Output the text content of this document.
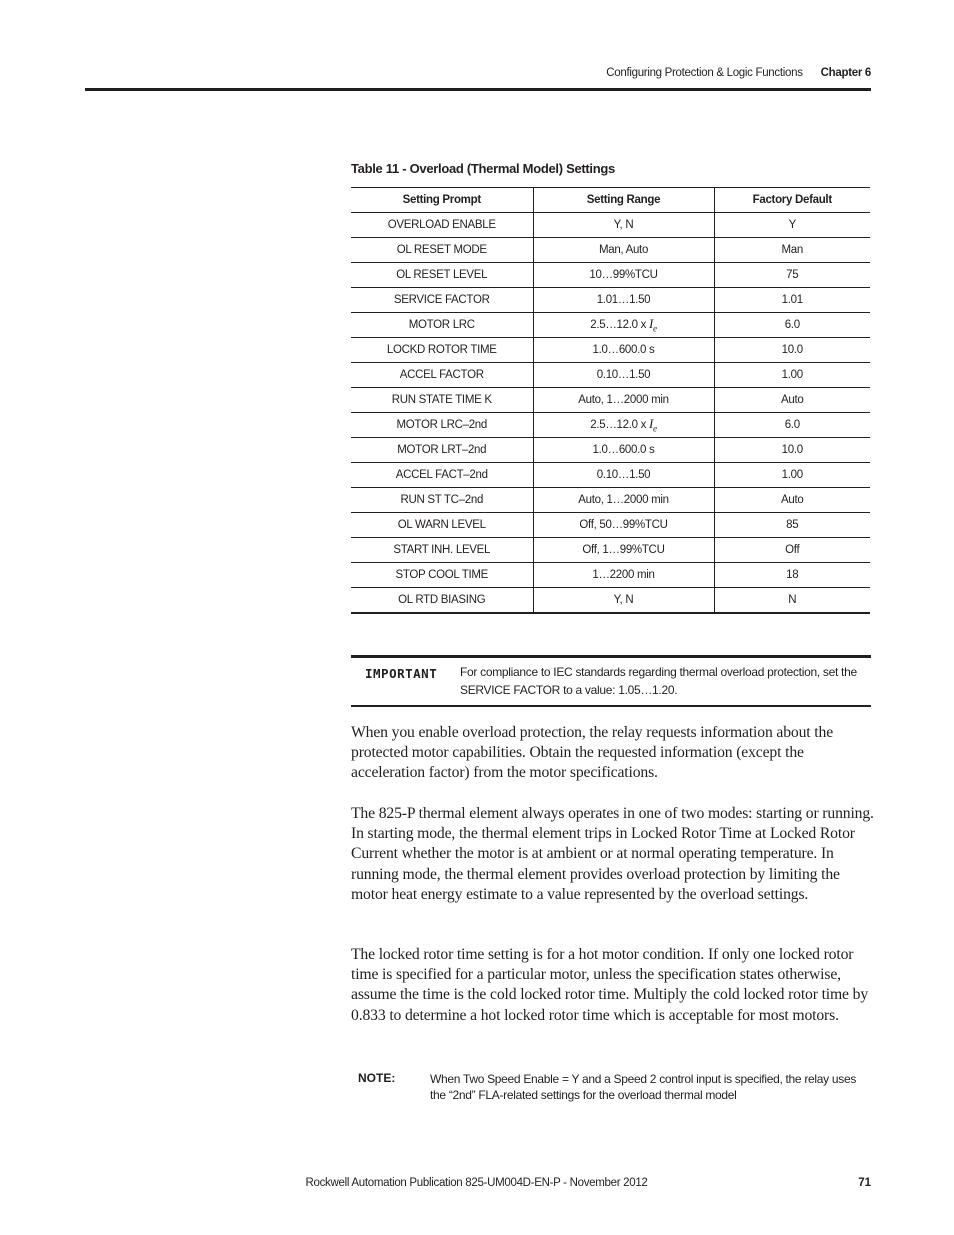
Configuring Protection & Logic Functions Chapter 6
Table 11 - Overload (Thermal Model) Settings
Setting Prompt	Setting Range	Factory Default
OVERLOAD ENABLE	Y, N	Y
OL RESET MODE	Man, Auto	Man
OL RESET LEVEL	10…99%TCU	75
SERVICE FACTOR	1.01…1.50	1.01
MOTOR LRC	2.5…12.0 x $I_e$	6.0
LOCKD ROTOR TIME	1.0…600.0 s	10.0
ACCEL FACTOR	0.10…1.50	1.00
RUN STATE TIME K	Auto, 1…2000 min	Auto
MOTOR LRC–2nd	2.5…12.0 x $I_e$	6.0
MOTOR LRT–2nd	1.0…600.0 s	10.0
ACCEL FACT–2nd	0.10…1.50	1.00
RUN ST TC–2nd	Auto, 1…2000 min	Auto
OL WARN LEVEL	Off, 50…99%TCU	85
START INH. LEVEL	Off, 1…99%TCU	Off
STOP COOL TIME	1…2200 min	18
OL RTD BIASING	Y, N	N
IMPORTANT For compliance to IEC standards regarding thermal overload protection, set the SERVICE FACTOR to a value: 1.05…1.20.

When you enable overload protection, the relay requests information about the protected motor capabilities. Obtain the requested information (except the acceleration factor) from the motor specifications.

The 825-P thermal element always operates in one of two modes: starting or running. In starting mode, the thermal element trips in Locked Rotor Time at Locked Rotor Current whether the motor is at ambient or at normal operating temperature. In running mode, the thermal element provides overload protection by limiting the motor heat energy estimate to a value represented by the overload settings.

The locked rotor time setting is for a hot motor condition. If only one locked rotor time is specified for a particular motor, unless the specification states otherwise, assume the time is the cold locked rotor time. Multiply the cold locked rotor time by 0.833 to determine a hot locked rotor time which is acceptable for most motors.

NOTE:	When Two Speed Enable = Y and a Speed 2 control input is specified, the relay uses the “2nd” FLA-related settings for the overload thermal model
Rockwell Automation Publication 825-UM004D-EN-P - November 2012	71
